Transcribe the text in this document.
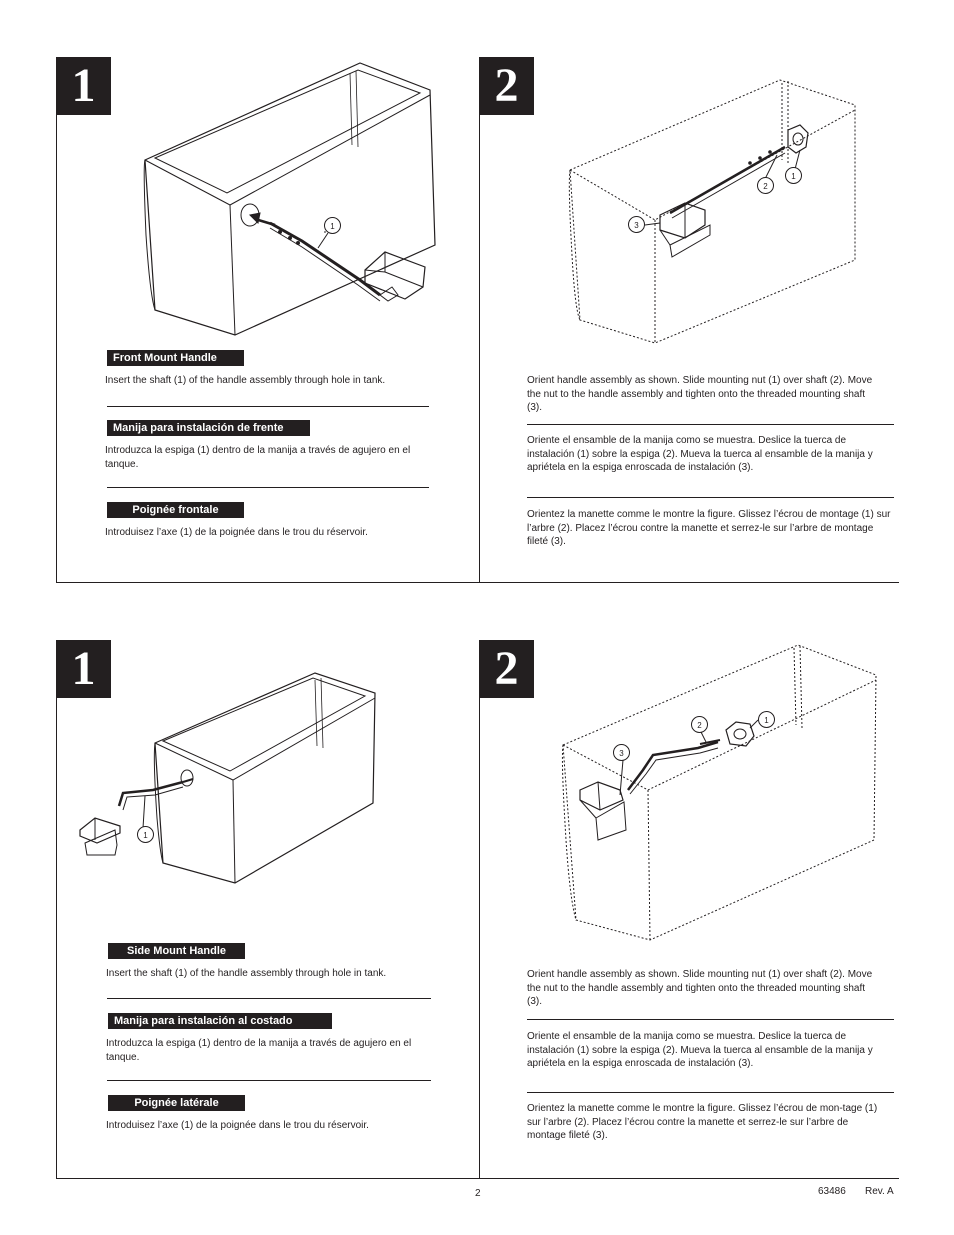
1
1
Front Mount Handle

Insert the shaft (1) of the handle assembly through hole in tank.

Manija para instalación de frente

Introduzca la espiga (1) dentro de la manija a través de agujero en el tanque.

Poignée frontale

Introduisez l’axe (1) de la poignée dans le trou du réservoir.

2
1
2
3

Orient handle assembly as shown. Slide mounting nut (1) over shaft (2). Move the nut to the handle assembly and tighten onto the threaded mounting shaft (3).

Oriente el ensamble de la manija como se muestra. Deslice la tuerca de instalación (1) sobre la espiga (2). Mueva la tuerca al ensamble de la manija y apriétela en la espiga enroscada de instalación (3).

Orientez la manette comme le montre la figure. Glissez l’écrou de montage (1) sur l’arbre (2). Placez l’écrou contre la manette et serrez-le sur l’arbre de montage fileté (3).

1
1
Side Mount Handle

Insert the shaft (1) of the handle assembly through hole in tank.

Manija para instalación al costado

Introduzca la espiga (1) dentro de la manija a través de agujero en el tanque.

Poignée latérale

Introduisez l’axe (1) de la poignée dans le trou du réservoir.

2
1
2
3

Orient handle assembly as shown. Slide mounting nut (1) over shaft (2). Move the nut to the handle assembly and tighten onto the threaded mounting shaft (3).

Oriente el ensamble de la manija como se muestra. Deslice la tuerca de instalación (1) sobre la espiga (2). Mueva la tuerca al ensamble de la manija y apriétela en la espiga enroscada de instalación (3).

Orientez la manette comme le montre la figure. Glissez l’écrou de mon-tage (1) sur l’arbre (2). Placez l’écrou contre la manette et serrez-le sur l’arbre de montage fileté (3).

2	63486 Rev. A
